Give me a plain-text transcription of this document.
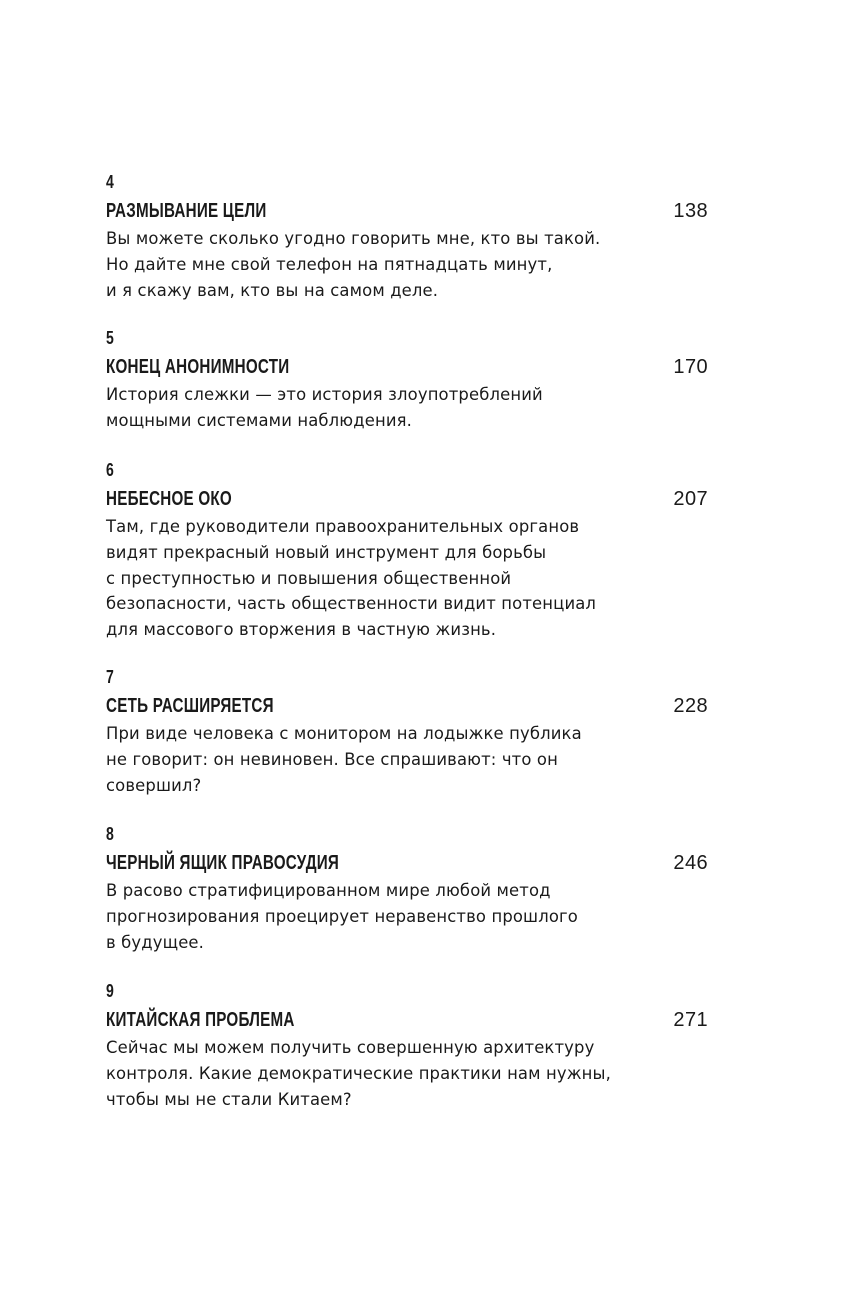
4
РАЗМЫВАНИЕ ЦЕЛИ	138

Вы можете сколько угодно говорить мне, кто вы такой.
Но дайте мне свой телефон на пятнадцать минут,
и я скажу вам, кто вы на самом деле.

5
КОНЕЦ АНОНИМНОСТИ	170

История слежки — это история злоупотреблений
мощными системами наблюдения.

6
НЕБЕСНОЕ ОКО	207

Там, где руководители правоохранительных органов
видят прекрасный новый инструмент для борьбы
с преступностью и повышения общественной
безопасности, часть общественности видит потенциал
для массового вторжения в частную жизнь.

7
СЕТЬ РАСШИРЯЕТСЯ	228

При виде человека с монитором на лодыжке публика
не говорит: он невиновен. Все спрашивают: что он
совершил?

8
ЧЕРНЫЙ ЯЩИК ПРАВОСУДИЯ	246

В расово стратифицированном мире любой метод
прогнозирования проецирует неравенство прошлого
в будущее.

9
КИТАЙСКАЯ ПРОБЛЕМА	271

Сейчас мы можем получить совершенную архитектуру
контроля. Какие демократические практики нам нужны,
чтобы мы не стали Китаем?
